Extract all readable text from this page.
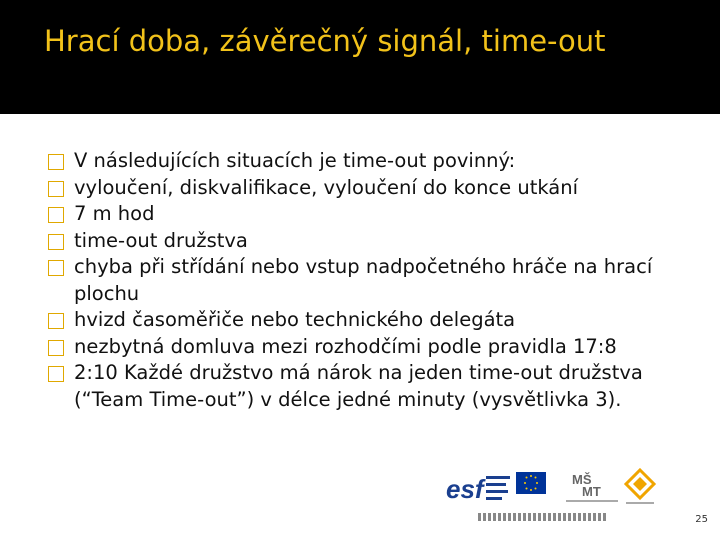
Hrací doba, závěrečný signál, time-out
V následujících situacích je time-out povinný:
vyloučení, diskvalifikace, vyloučení do konce utkání
7 m hod
time-out družstva
chyba při střídání nebo vstup nadpočetného hráče na hrací plochu
hvizd časoměřiče nebo technického delegáta
nezbytná domluva mezi rozhodčími podle pravidla 17:8
2:10 Každé družstvo má nárok na jeden time-out družstva (“Team Time-out”) v délce jedné minuty (vysvětlivka 3).
esf	MŠ
MT
25
